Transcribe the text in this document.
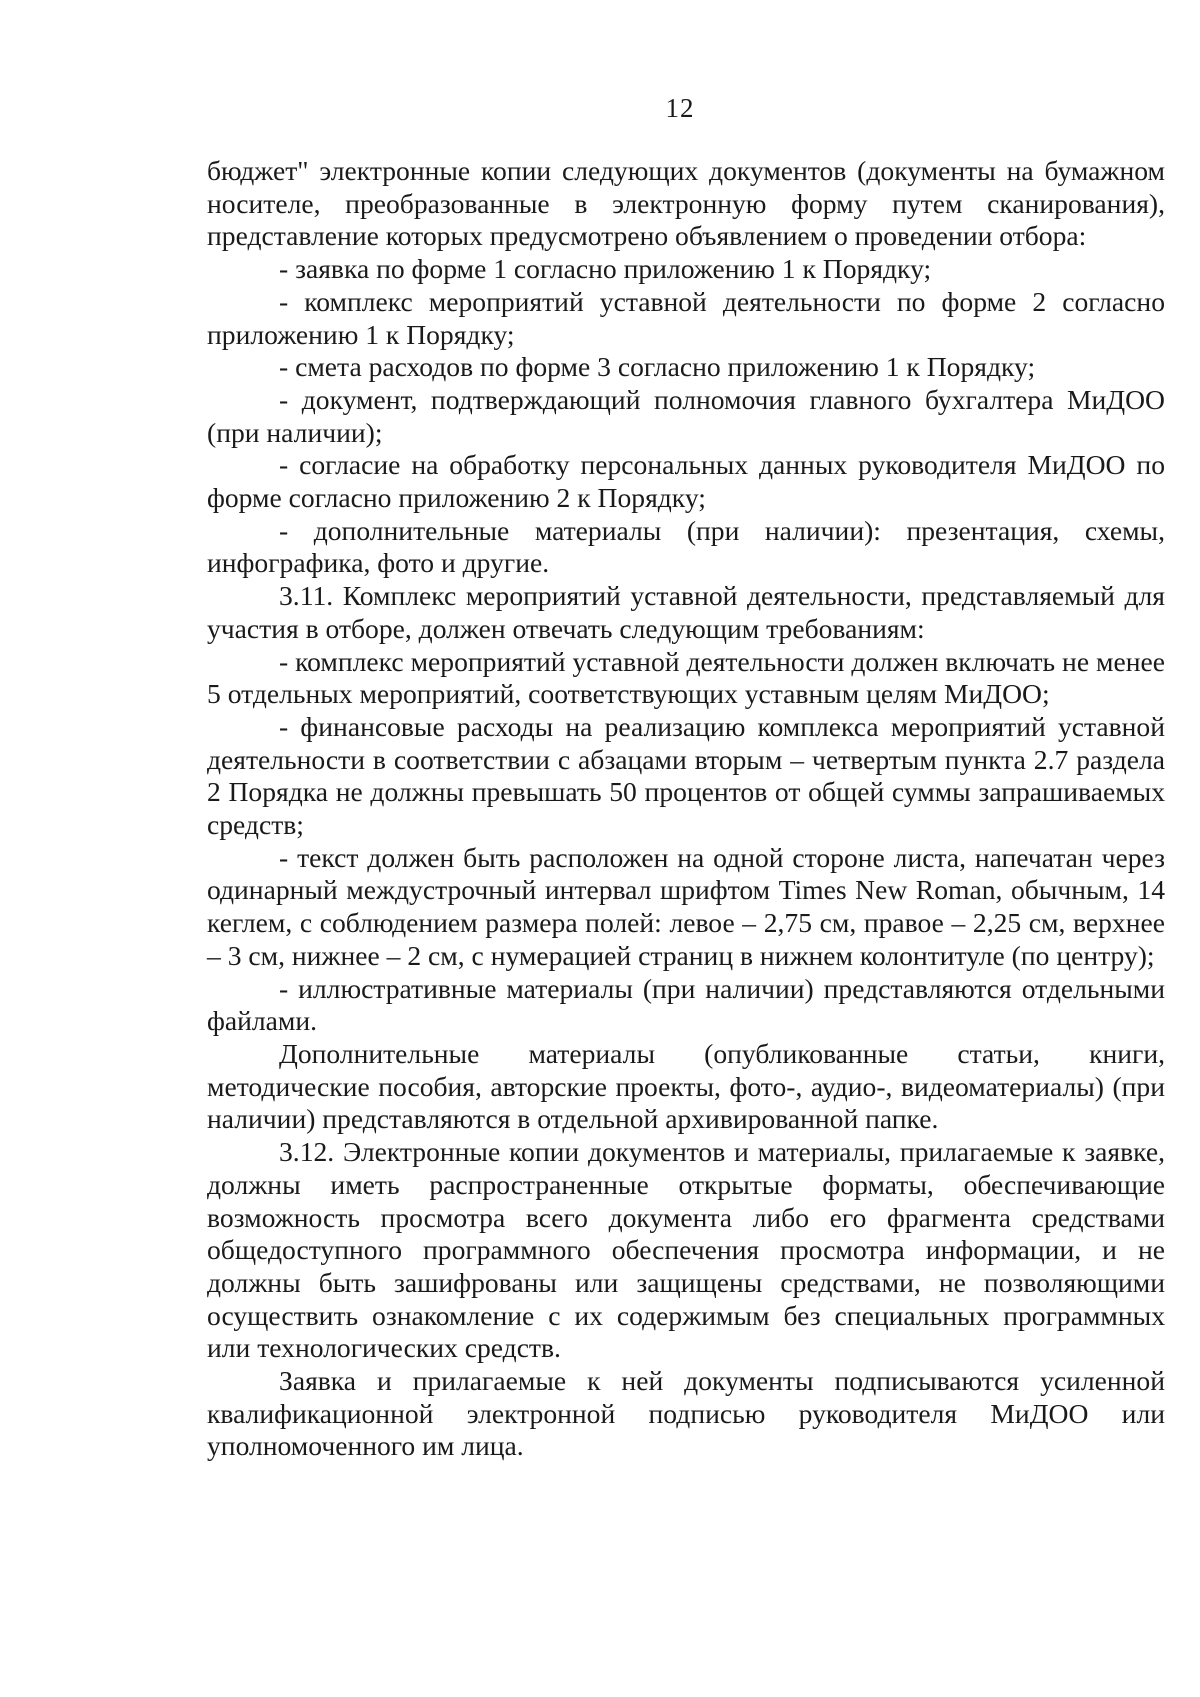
12

бюджет" электронные копии следующих документов (документы на бумажном носителе, преобразованные в электронную форму путем сканирования), представление которых предусмотрено объявлением о проведении отбора:

- заявка по форме 1 согласно приложению 1 к Порядку;

- комплекс мероприятий уставной деятельности по форме 2 согласно приложению 1 к Порядку;

- смета расходов по форме 3 согласно приложению 1 к Порядку;

- документ, подтверждающий полномочия главного бухгалтера МиДОО (при наличии);

- согласие на обработку персональных данных руководителя МиДОО по форме согласно приложению 2 к Порядку;

- дополнительные материалы (при наличии): презентация, схемы, инфографика, фото и другие.

3.11. Комплекс мероприятий уставной деятельности, представляемый для участия в отборе, должен отвечать следующим требованиям:

- комплекс мероприятий уставной деятельности должен включать не менее 5 отдельных мероприятий, соответствующих уставным целям МиДОО;

- финансовые расходы на реализацию комплекса мероприятий уставной деятельности в соответствии с абзацами вторым – четвертым пункта 2.7 раздела 2 Порядка не должны превышать 50 процентов от общей суммы запрашиваемых средств;

- текст должен быть расположен на одной стороне листа, напечатан через одинарный междустрочный интервал шрифтом Times New Roman, обычным, 14 кеглем, с соблюдением размера полей: левое – 2,75 см, правое – 2,25 см, верхнее – 3 см, нижнее – 2 см, с нумерацией страниц в нижнем колонтитуле (по центру);

- иллюстративные материалы (при наличии) представляются отдельными файлами.

Дополнительные материалы (опубликованные статьи, книги, методические пособия, авторские проекты, фото-, аудио-, видеоматериалы) (при наличии) представляются в отдельной архивированной папке.

3.12. Электронные копии документов и материалы, прилагаемые к заявке, должны иметь распространенные открытые форматы, обеспечивающие возможность просмотра всего документа либо его фрагмента средствами общедоступного программного обеспечения просмотра информации, и не должны быть зашифрованы или защищены средствами, не позволяющими осуществить ознакомление с их содержимым без специальных программных или технологических средств.

Заявка и прилагаемые к ней документы подписываются усиленной квалификационной электронной подписью руководителя МиДОО или уполномоченного им лица.
